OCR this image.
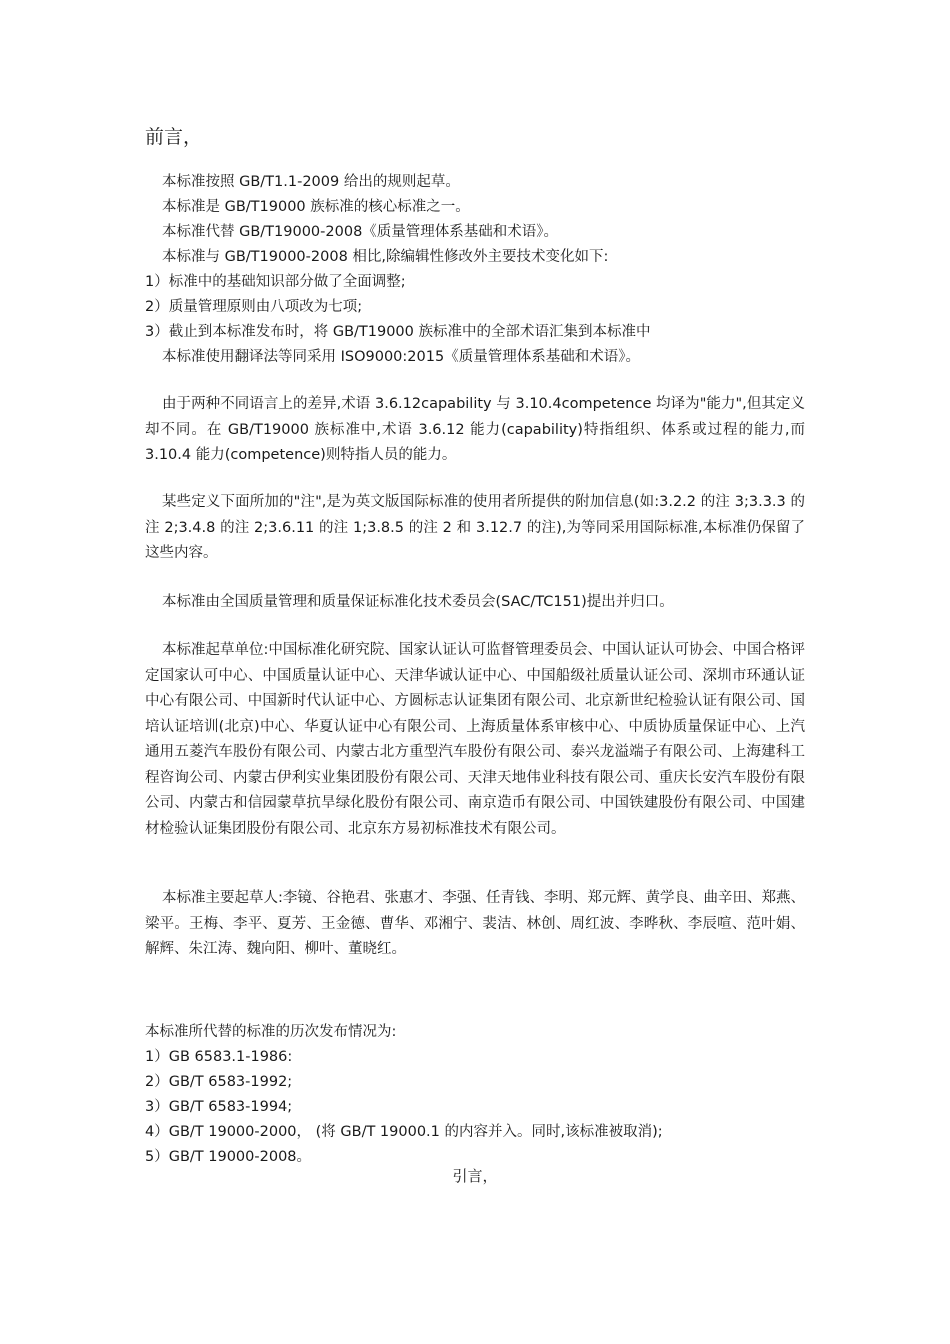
前言，
本标准按照 GB/T1.1-2009 给出的规则起草。
本标准是 GB/T19000 族标准的核心标准之一。
本标准代替 GB/T19000-2008《质量管理体系基础和术语》。
本标准与 GB/T19000-2008 相比,除编辑性修改外主要技术变化如下:
1）标准中的基础知识部分做了全面调整;
2）质量管理原则由八项改为七项;
3）截止到本标准发布时，将 GB/T19000 族标准中的全部术语汇集到本标准中
本标准使用翻译法等同采用 ISO9000:2015《质量管理体系基础和术语》。

由于两种不同语言上的差异,术语 3.6.12capability 与 3.10.4competence 均译为"能力",但其定义却不同。在 GB/T19000 族标准中,术语 3.6.12 能力(capability)特指组织、体系或过程的能力,而 3.10.4 能力(competence)则特指人员的能力。

某些定义下面所加的"注",是为英文版国际标准的使用者所提供的附加信息(如:3.2.2 的注 3;3.3.3 的注 2;3.4.8 的注 2;3.6.11 的注 1;3.8.5 的注 2 和 3.12.7 的注),为等同采用国际标准,本标准仍保留了这些内容。

本标准由全国质量管理和质量保证标准化技术委员会(SAC/TC151)提出并归口。

本标准起草单位:中国标准化研究院、国家认证认可监督管理委员会、中国认证认可协会、中国合格评定国家认可中心、中国质量认证中心、天津华诚认证中心、中国船级社质量认证公司、深圳市环通认证中心有限公司、中国新时代认证中心、方圆标志认证集团有限公司、北京新世纪检验认证有限公司、国培认证培训(北京)中心、华夏认证中心有限公司、上海质量体系审核中心、中质协质量保证中心、上汽通用五菱汽车股份有限公司、内蒙古北方重型汽车股份有限公司、泰兴龙溢端子有限公司、上海建科工程咨询公司、内蒙古伊利实业集团股份有限公司、天津天地伟业科技有限公司、重庆长安汽车股份有限公司、内蒙古和信园蒙草抗旱绿化股份有限公司、南京造币有限公司、中国铁建股份有限公司、中国建材检验认证集团股份有限公司、北京东方易初标准技术有限公司。

本标准主要起草人:李镜、谷艳君、张惠才、李强、任青钱、李明、郑元辉、黄学良、曲辛田、郑燕、梁平。王梅、李平、夏芳、王金德、曹华、邓湘宁、裴洁、林创、周红波、李晔秋、李辰喧、范叶娟、解辉、朱江涛、魏向阳、柳叶、董晓红。

本标准所代替的标准的历次发布情况为:
1）GB 6583.1-1986:
2）GB/T 6583-1992;
3）GB/T 6583-1994;
4）GB/T 19000-2000， (将 GB/T 19000.1 的内容并入。同时,该标准被取消);
5）GB/T 19000-2008。
引言，
